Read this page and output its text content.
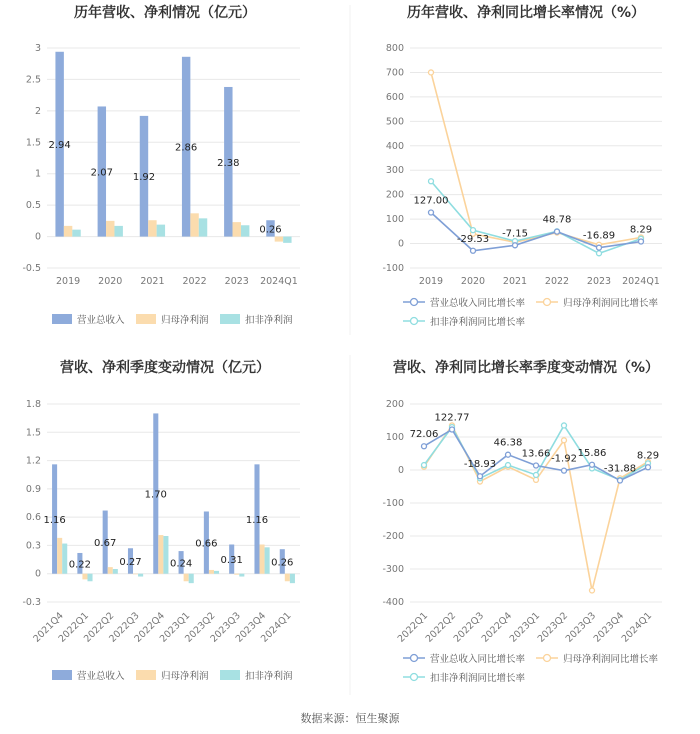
历年营收、净利情况（亿元）
-0.5
0
0.5
1
1.5
2
2.5
3
2019 2020 2021 2022 2023 2024Q1
2.94
2.07 1.92
2.86
2.38
0.26
营业总收入	归母净利润	扣非净利润
历年营收、净利同比增长率情况（%）
-100
0
100
200
300
400
500
600
700
800
2019 2020 2021 2022 2023 2024Q1
127.00
-29.53 -7.15
48.78
-16.89
8.29
营业总收入同比增长率	归母净利润同比增长率
扣非净利润同比增长率
营收、净利季度变动情况（亿元）
-0.3
0
0.3
0.6
0.9
1.2
1.5
1.8
2021Q4
2022Q1
2022Q2
2022Q3
2022Q4
2023Q1
2023Q2
2023Q3
2023Q4
2024Q1
1.16
0.22
0.67
0.27
1.70
0.24
0.66
0.31
1.16
0.26
营业总收入	归母净利润	扣非净利润
营收、净利同比增长率季度变动情况（%）
-400
-300
-200
-100
0
100
200
2022Q1
2022Q2
2022Q3
2022Q4
2023Q1
2023Q2
2023Q3
2023Q4
2024Q1
72.06
122.77
-18.93
46.38
13.66 -1.92
15.86
-31.88
8.29
营业总收入同比增长率	归母净利润同比增长率
扣非净利润同比增长率
数据来源：恒生聚源
